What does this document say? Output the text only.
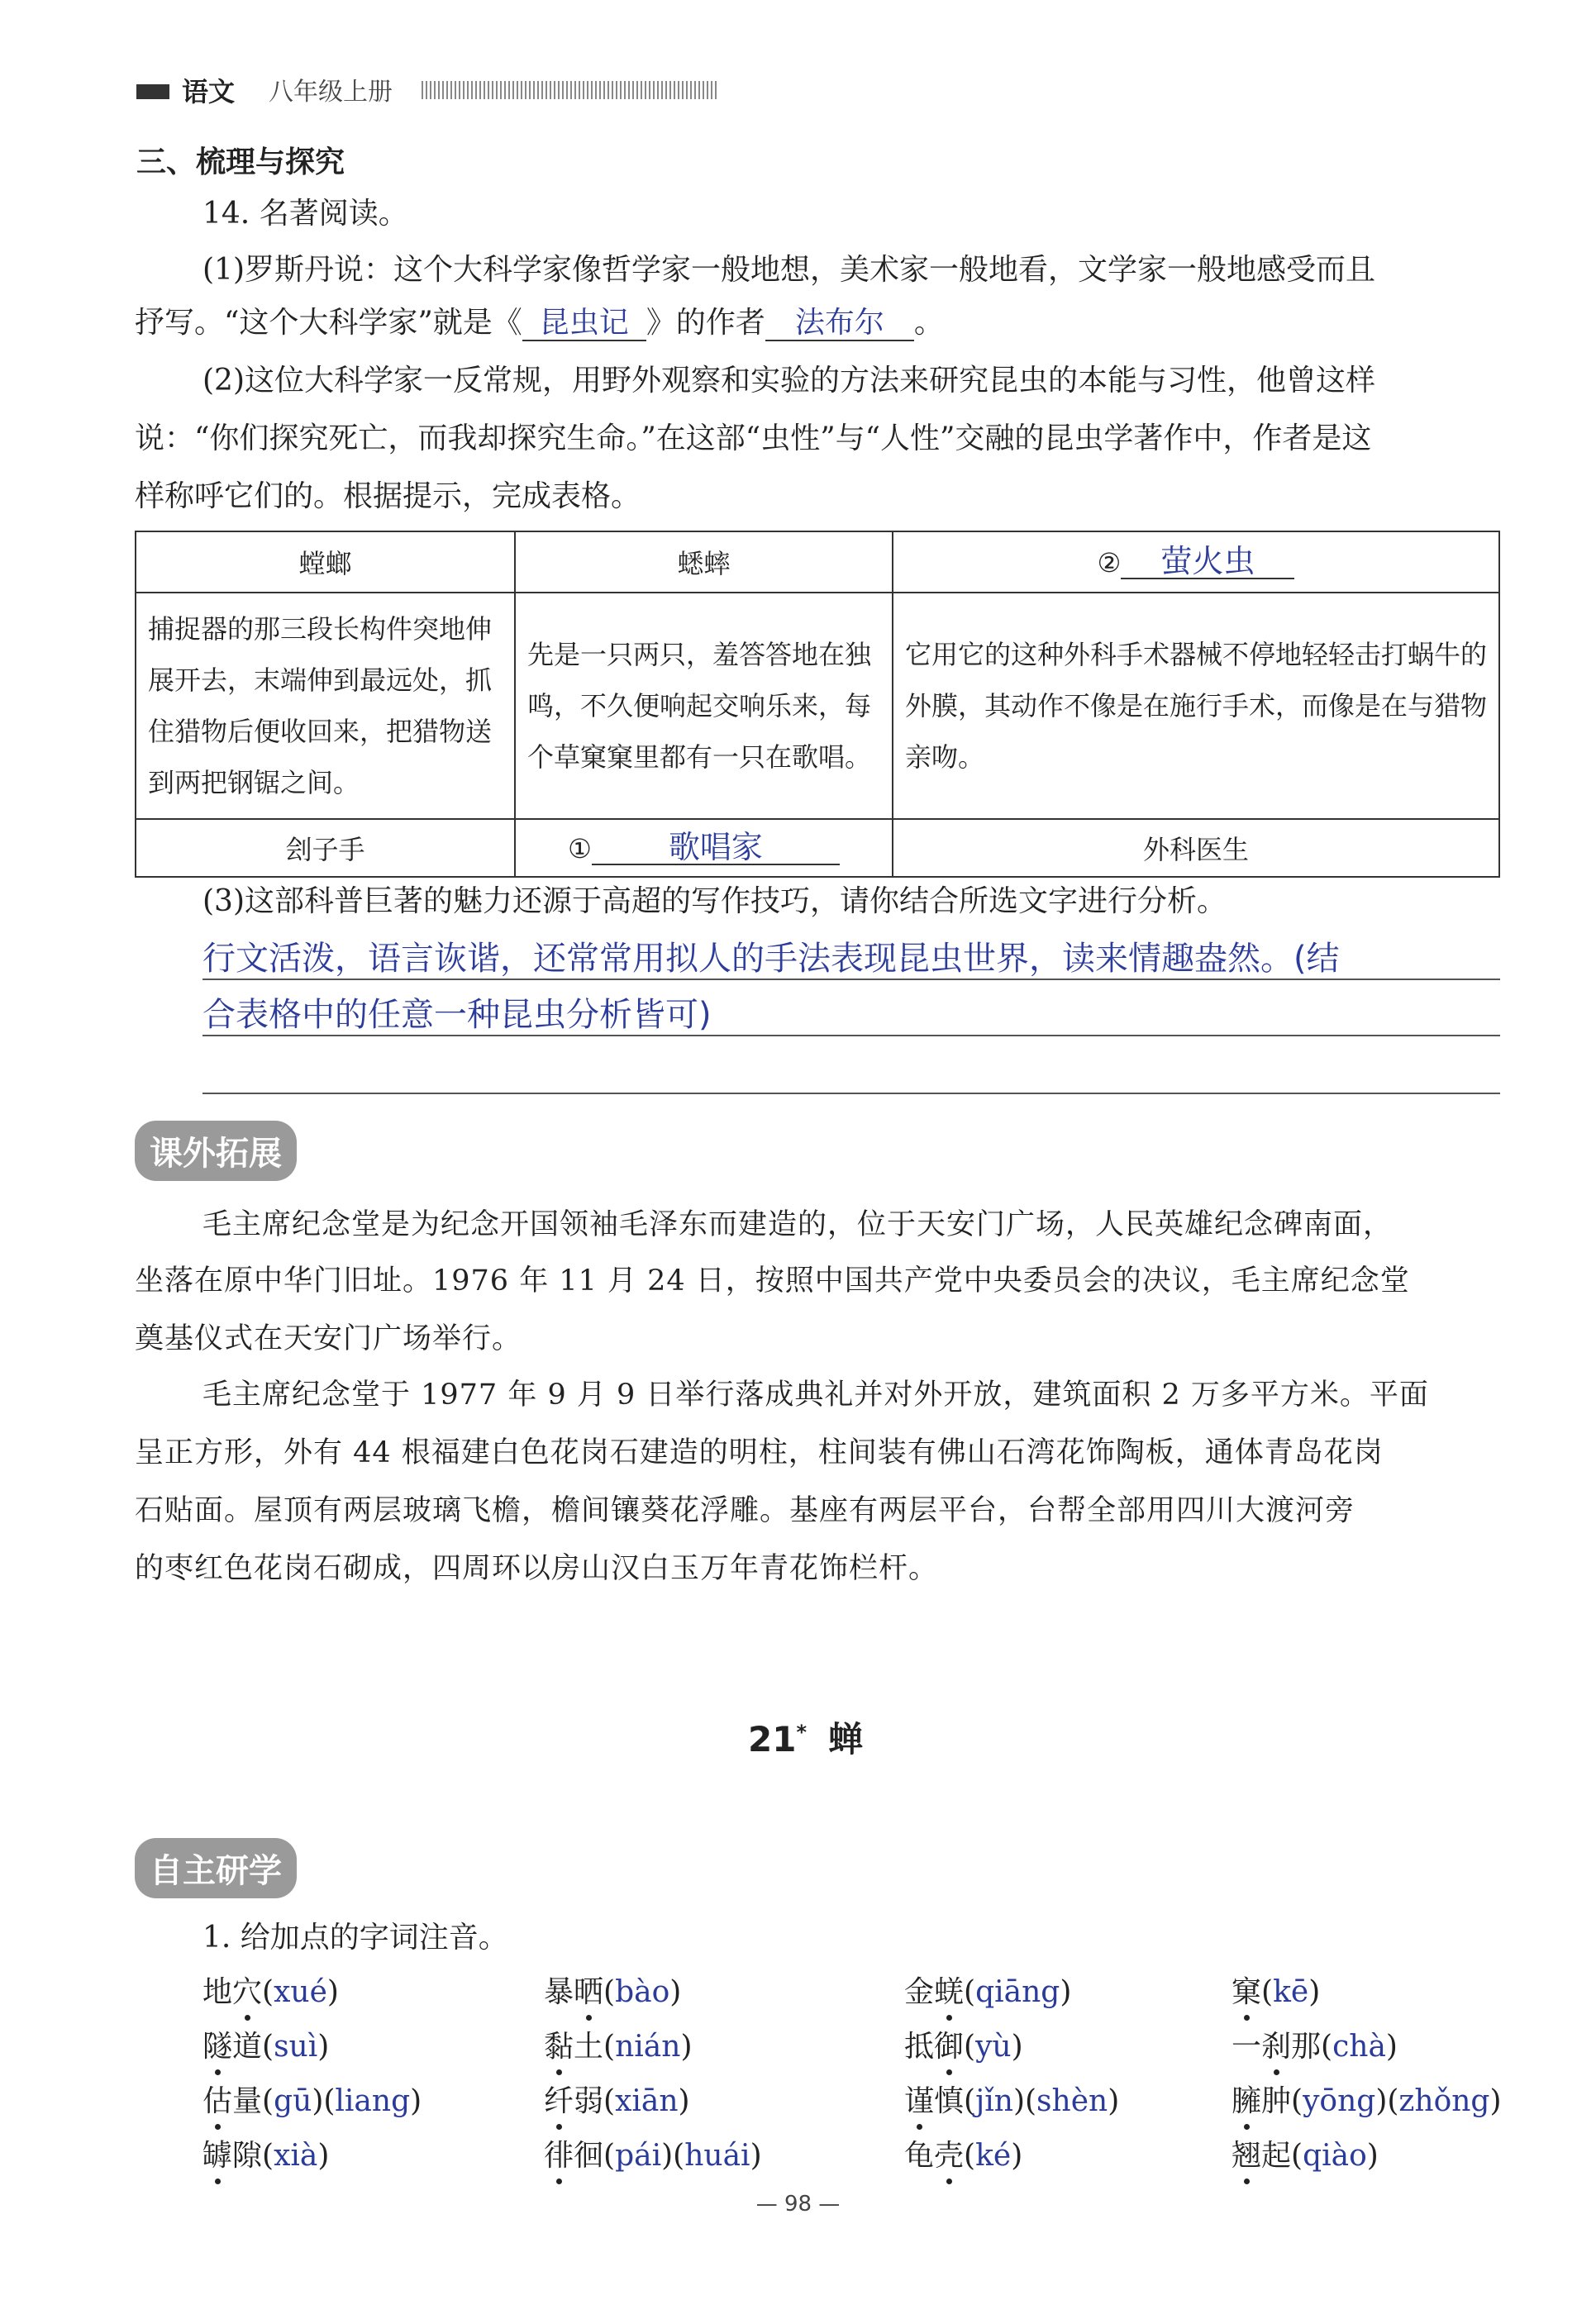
语文 八年级上册
三、梳理与探究
14. 名著阅读。
(1)罗斯丹说：这个大科学家像哲学家一般地想，美术家一般地看，文学家一般地感受而且
抒写。“这个大科学家”就是《 昆虫记 》的作者 法布尔 。
(2)这位大科学家一反常规，用野外观察和实验的方法来研究昆虫的本能与习性，他曾这样
说：“你们探究死亡，而我却探究生命。”在这部“虫性”与“人性”交融的昆虫学著作中，作者是这
样称呼它们的。根据提示，完成表格。
螳螂	蟋蟀	② 萤火虫
捕捉器的那三段长构件突地伸展开去，末端伸到最远处，抓住猎物后便收回来，把猎物送到两把钢锯之间。	先是一只两只，羞答答地在独鸣，不久便响起交响乐来，每个草窠窠里都有一只在歌唱。	它用它的这种外科手术器械不停地轻轻击打蜗牛的外膜，其动作不像是在施行手术，而像是在与猎物亲吻。
刽子手	① 歌唱家	外科医生
(3)这部科普巨著的魅力还源于高超的写作技巧，请你结合所选文字进行分析。
行文活泼，语言诙谐，还常常用拟人的手法表现昆虫世界，读来情趣盎然。(结
合表格中的任意一种昆虫分析皆可)
课外拓展
毛主席纪念堂是为纪念开国领袖毛泽东而建造的，位于天安门广场，人民英雄纪念碑南面，
坐落在原中华门旧址。1976 年 11 月 24 日，按照中国共产党中央委员会的决议，毛主席纪念堂
奠基仪式在天安门广场举行。
毛主席纪念堂于 1977 年 9 月 9 日举行落成典礼并对外开放，建筑面积 2 万多平方米。平面
呈正方形，外有 44 根福建白色花岗石建造的明柱，柱间装有佛山石湾花饰陶板，通体青岛花岗
石贴面。屋顶有两层玻璃飞檐，檐间镶葵花浮雕。基座有两层平台，台帮全部用四川大渡河旁
的枣红色花岗石砌成，四周环以房山汉白玉万年青花饰栏杆。
21* 蝉
自主研学
1. 给加点的字词注音。
地穴(xué)	暴晒(bào)	金蜣(qiāng)	窠(kē)
隧道(suì)	黏土(nián)	抵御(yù)	一刹那(chà)
估量(gū)(liang)	纤弱(xiān)	谨慎(jǐn)(shèn)	臃肿(yōng)(zhǒng)
罅隙(xià)	徘徊(pái)(huái)	龟壳(ké)	翘起(qiào)
— 98 —
